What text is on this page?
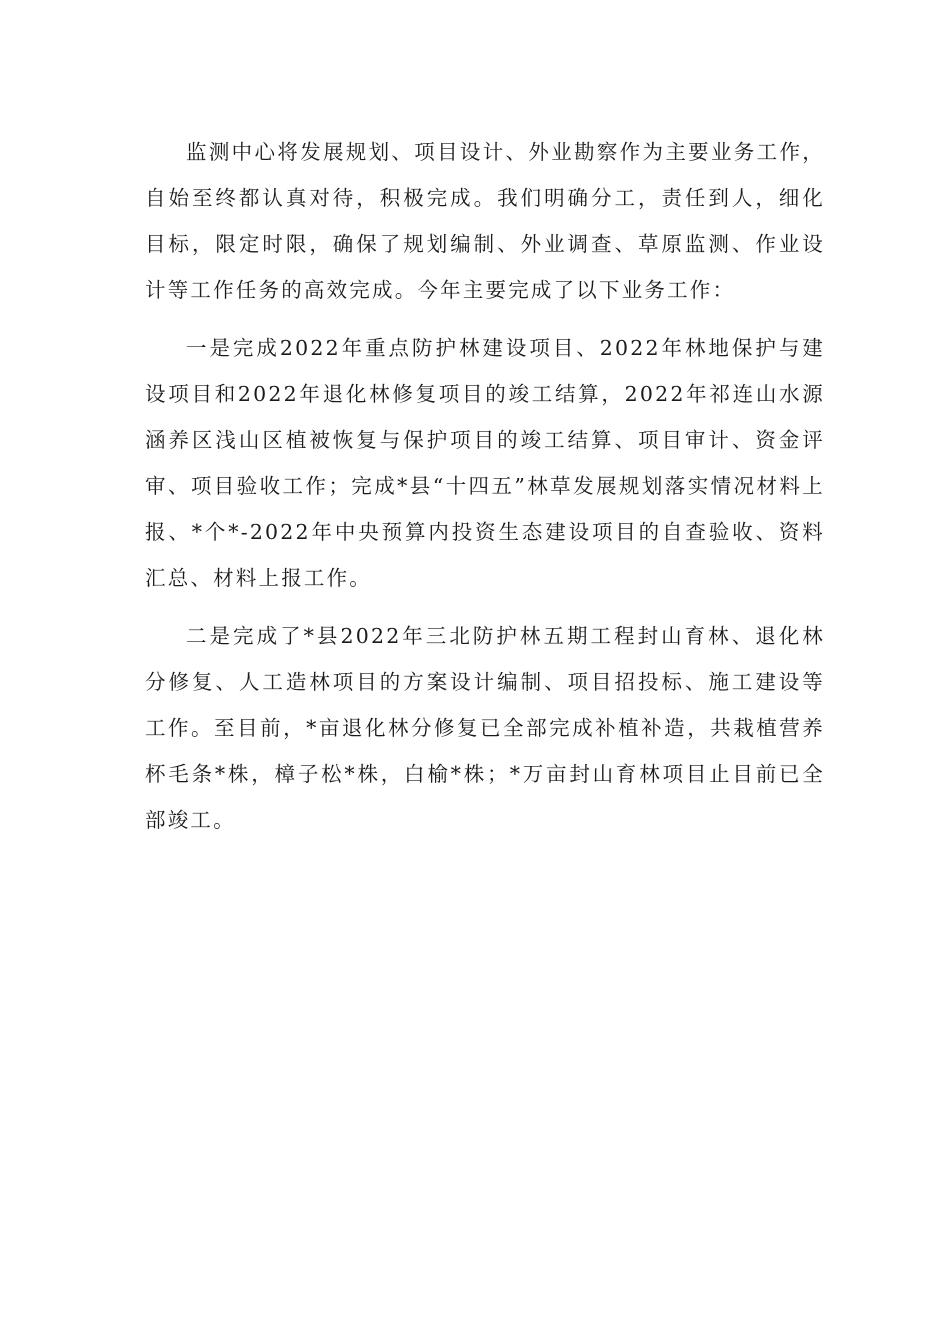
监测中心将发展规划、项目设计、外业勘察作为主要业务工作，自始至终都认真对待，积极完成。我们明确分工，责任到人，细化目标，限定时限，确保了规划编制、外业调查、草原监测、作业设计等工作任务的高效完成。今年主要完成了以下业务工作：

一是完成2022年重点防护林建设项目、2022年林地保护与建设项目和2022年退化林修复项目的竣工结算，2022年祁连山水源涵养区浅山区植被恢复与保护项目的竣工结算、项目审计、资金评审、项目验收工作；完成*县“十四五”林草发展规划落实情况材料上报、*个*-2022年中央预算内投资生态建设项目的自查验收、资料汇总、材料上报工作。

二是完成了*县2022年三北防护林五期工程封山育林、退化林分修复、人工造林项目的方案设计编制、项目招投标、施工建设等工作。至目前，*亩退化林分修复已全部完成补植补造，共栽植营养杯毛条*株，樟子松*株，白榆*株；*万亩封山育林项目止目前已全部竣工。
